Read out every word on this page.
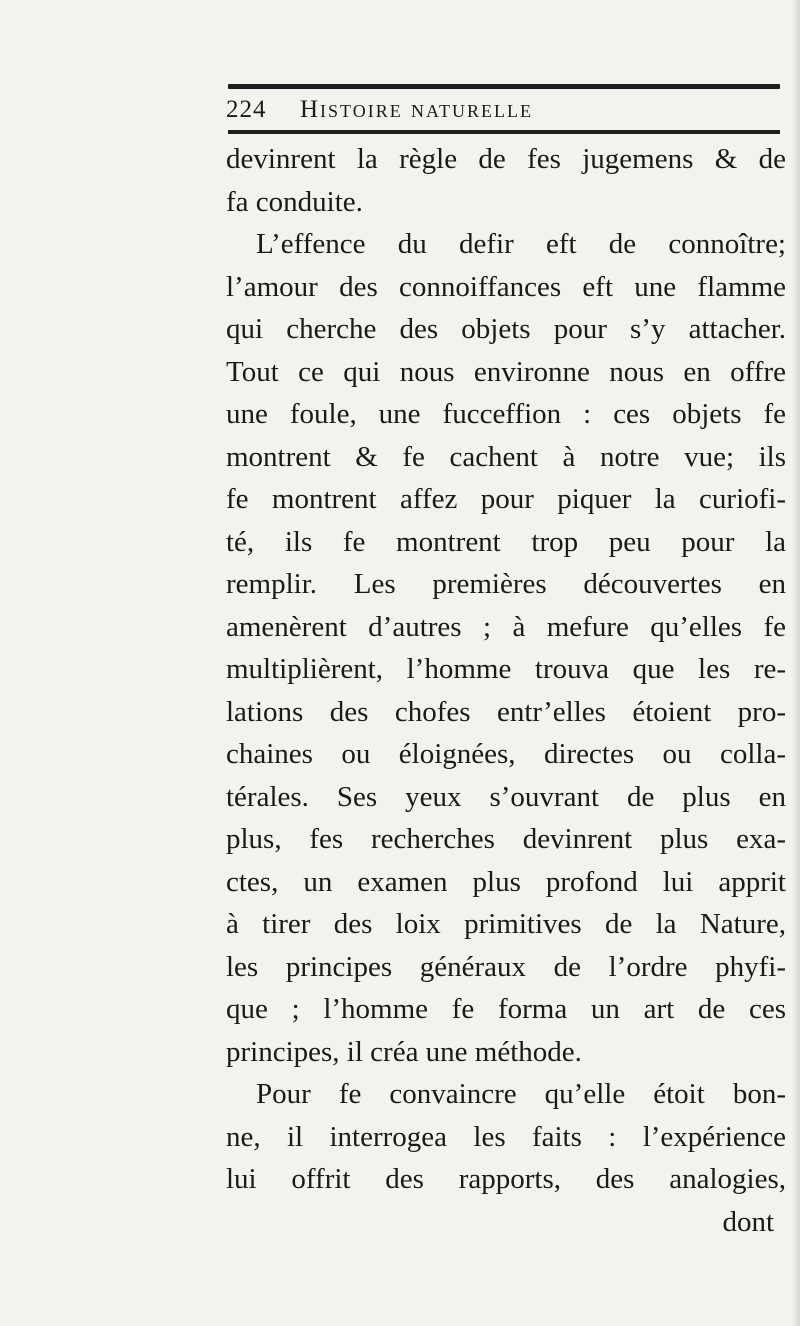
224 Histoire naturelle
devinrent la règle de fes jugemens & de
fa conduite.
L’effence du defir eft de connoître;
l’amour des connoiffances eft une flamme
qui cherche des objets pour s’y attacher.
Tout ce qui nous environne nous en offre
une foule, une fucceffion : ces objets fe
montrent & fe cachent à notre vue; ils
fe montrent affez pour piquer la curiofi-
té, ils fe montrent trop peu pour la
remplir. Les premières découvertes en
amenèrent d’autres ; à mefure qu’elles fe
multiplièrent, l’homme trouva que les re-
lations des chofes entr’elles étoient pro-
chaines ou éloignées, directes ou colla-
térales. Ses yeux s’ouvrant de plus en
plus, fes recherches devinrent plus exa-
ctes, un examen plus profond lui apprit
à tirer des loix primitives de la Nature,
les principes généraux de l’ordre phyfi-
que ; l’homme fe forma un art de ces
principes, il créa une méthode.
Pour fe convaincre qu’elle étoit bon-
ne, il interrogea les faits : l’expérience
lui offrit des rapports, des analogies,
dont
